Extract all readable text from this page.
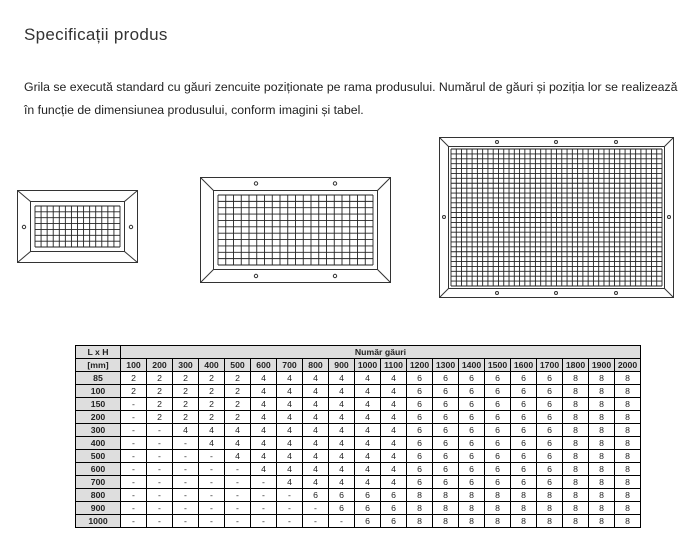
Specificații produs
Grila se execută standard cu găuri zencuite poziționate pe rama produsului. Numărul de găuri și poziția lor se realizează
în funcție de dimensiunea produsului, conform imagini și tabel.
L x H	Număr găuri																			
[mm]	100	200	300	400	500	600	700	800	900	1000	1100	1200	1300	1400	1500	1600	1700	1800	1900	2000
85	2	2	2	2	2	4	4	4	4	4	4	6	6	6	6	6	6	8	8	8
100	2	2	2	2	2	4	4	4	4	4	4	6	6	6	6	6	6	8	8	8
150	-	2	2	2	2	4	4	4	4	4	4	6	6	6	6	6	6	8	8	8
200	-	2	2	2	2	4	4	4	4	4	4	6	6	6	6	6	6	8	8	8
300	-	-	4	4	4	4	4	4	4	4	4	6	6	6	6	6	6	8	8	8
400	-	-	-	4	4	4	4	4	4	4	4	6	6	6	6	6	6	8	8	8
500	-	-	-	-	4	4	4	4	4	4	4	6	6	6	6	6	6	8	8	8
600	-	-	-	-	-	4	4	4	4	4	4	6	6	6	6	6	6	8	8	8
700	-	-	-	-	-	-	4	4	4	4	4	6	6	6	6	6	6	8	8	8
800	-	-	-	-	-	-	-	6	6	6	6	8	8	8	8	8	8	8	8	8
900	-	-	-	-	-	-	-	-	6	6	6	8	8	8	8	8	8	8	8	8
1000	-	-	-	-	-	-	-	-	-	6	6	8	8	8	8	8	8	8	8	8
